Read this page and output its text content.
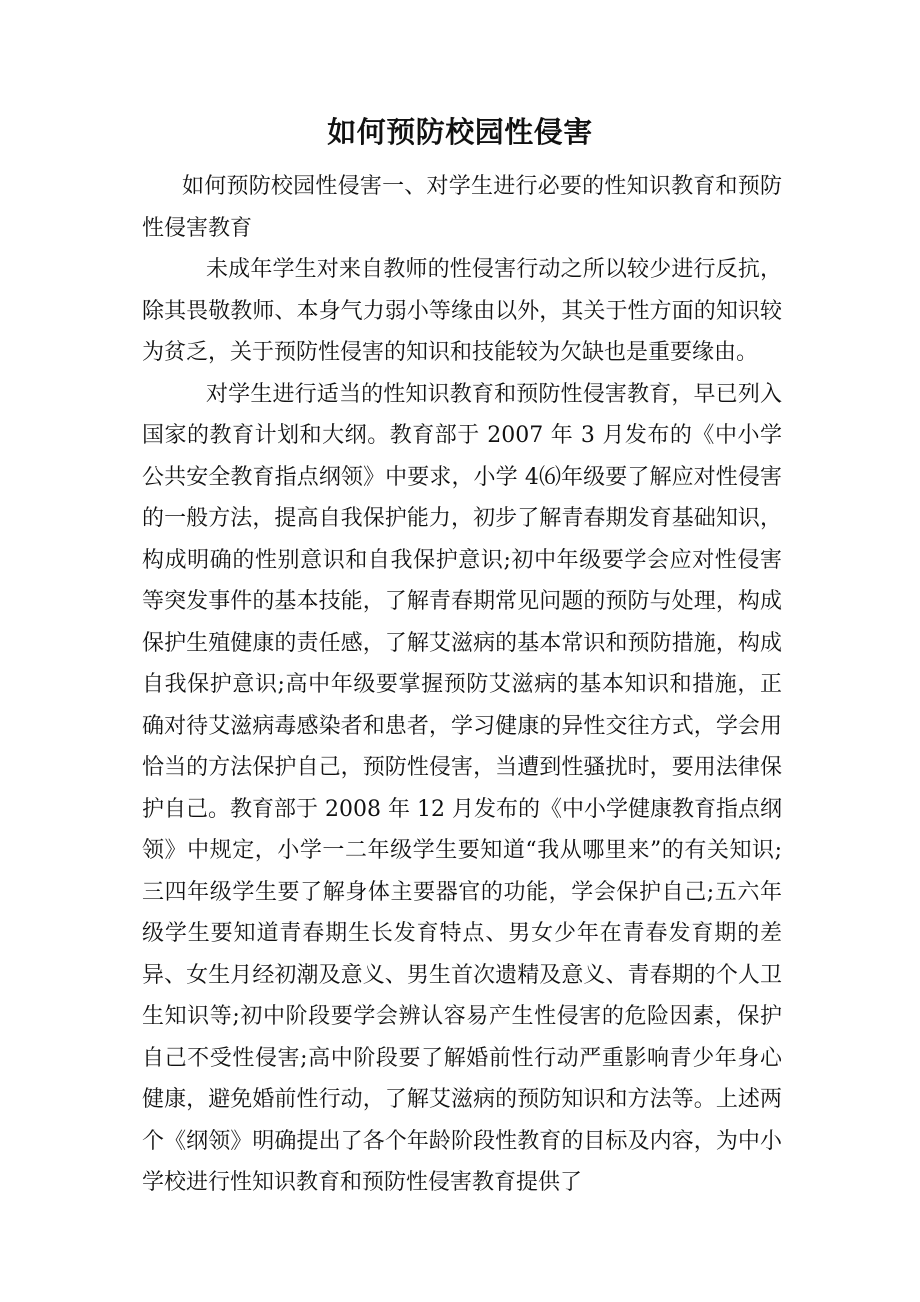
如何预防校园性侵害

如何预防校园性侵害一、对学生进行必要的性知识教育和预防性侵害教育

未成年学生对来自教师的性侵害行动之所以较少进行反抗，除其畏敬教师、本身气力弱小等缘由以外，其关于性方面的知识较为贫乏，关于预防性侵害的知识和技能较为欠缺也是重要缘由。

对学生进行适当的性知识教育和预防性侵害教育，早已列入国家的教育计划和大纲。教育部于 2007 年 3 月发布的《中小学公共安全教育指点纲领》中要求，小学 4⑹年级要了解应对性侵害的一般方法，提高自我保护能力，初步了解青春期发育基础知识，构成明确的性别意识和自我保护意识;初中年级要学会应对性侵害等突发事件的基本技能，了解青春期常见问题的预防与处理，构成保护生殖健康的责任感，了解艾滋病的基本常识和预防措施，构成自我保护意识;高中年级要掌握预防艾滋病的基本知识和措施，正确对待艾滋病毒感染者和患者，学习健康的异性交往方式，学会用恰当的方法保护自己，预防性侵害，当遭到性骚扰时，要用法律保护自己。教育部于 2008 年 12 月发布的《中小学健康教育指点纲领》中规定，小学一二年级学生要知道“我从哪里来”的有关知识;三四年级学生要了解身体主要器官的功能，学会保护自己;五六年级学生要知道青春期生长发育特点、男女少年在青春发育期的差异、女生月经初潮及意义、男生首次遗精及意义、青春期的个人卫生知识等;初中阶段要学会辨认容易产生性侵害的危险因素，保护自己不受性侵害;高中阶段要了解婚前性行动严重影响青少年身心健康，避免婚前性行动，了解艾滋病的预防知识和方法等。上述两个《纲领》明确提出了各个年龄阶段性教育的目标及内容，为中小学校进行性知识教育和预防性侵害教育提供了
